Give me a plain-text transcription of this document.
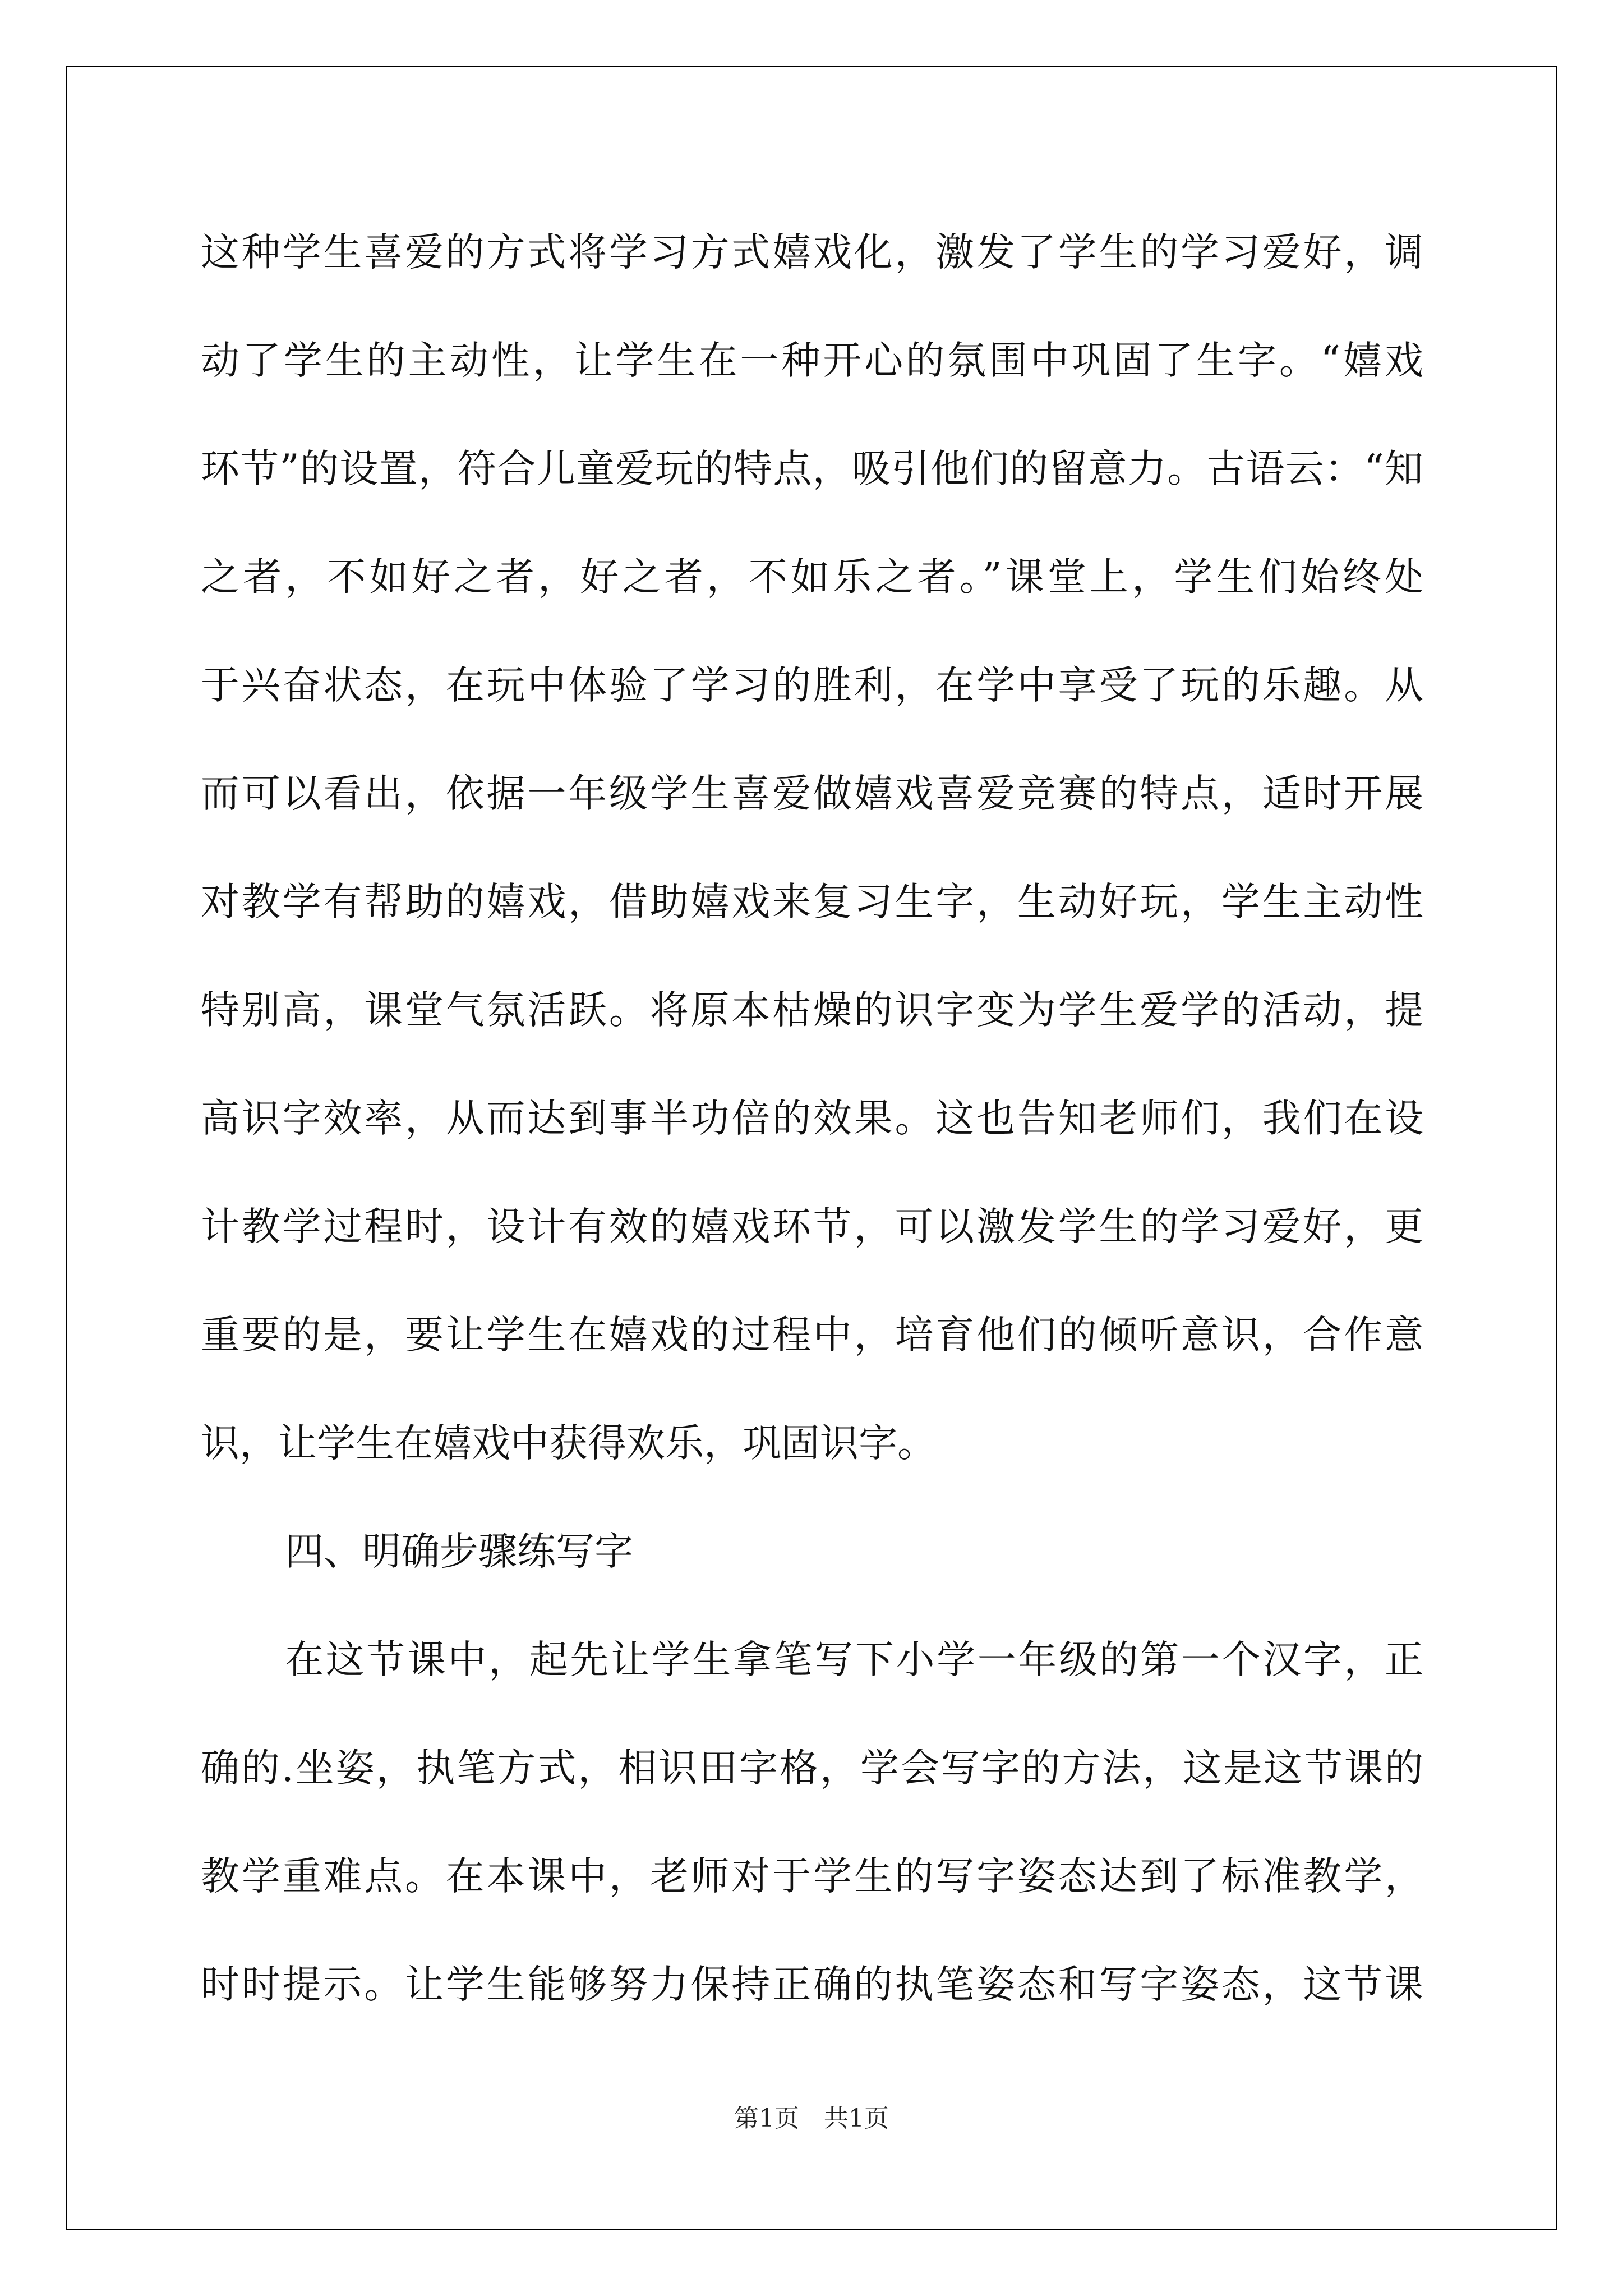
这种学生喜爱的方式将学习方式嬉戏化，激发了学生的学习爱好，调
动了学生的主动性，让学生在一种开心的氛围中巩固了生字。“嬉戏
环节”的设置，符合儿童爱玩的特点，吸引他们的留意力。古语云：“知
之者，不如好之者，好之者，不如乐之者。”课堂上，学生们始终处
于兴奋状态，在玩中体验了学习的胜利，在学中享受了玩的乐趣。从
而可以看出，依据一年级学生喜爱做嬉戏喜爱竞赛的特点，适时开展
对教学有帮助的嬉戏，借助嬉戏来复习生字，生动好玩，学生主动性
特别高，课堂气氛活跃。将原本枯燥的识字变为学生爱学的活动，提
高识字效率，从而达到事半功倍的效果。这也告知老师们，我们在设
计教学过程时，设计有效的嬉戏环节，可以激发学生的学习爱好，更
重要的是，要让学生在嬉戏的过程中，培育他们的倾听意识，合作意
识，让学生在嬉戏中获得欢乐，巩固识字。
四、明确步骤练写字
在这节课中，起先让学生拿笔写下小学一年级的第一个汉字，正
确的.坐姿，执笔方式，相识田字格，学会写字的方法，这是这节课的
教学重难点。在本课中，老师对于学生的写字姿态达到了标准教学，
时时提示。让学生能够努力保持正确的执笔姿态和写字姿态，这节课
第1页　共1页
